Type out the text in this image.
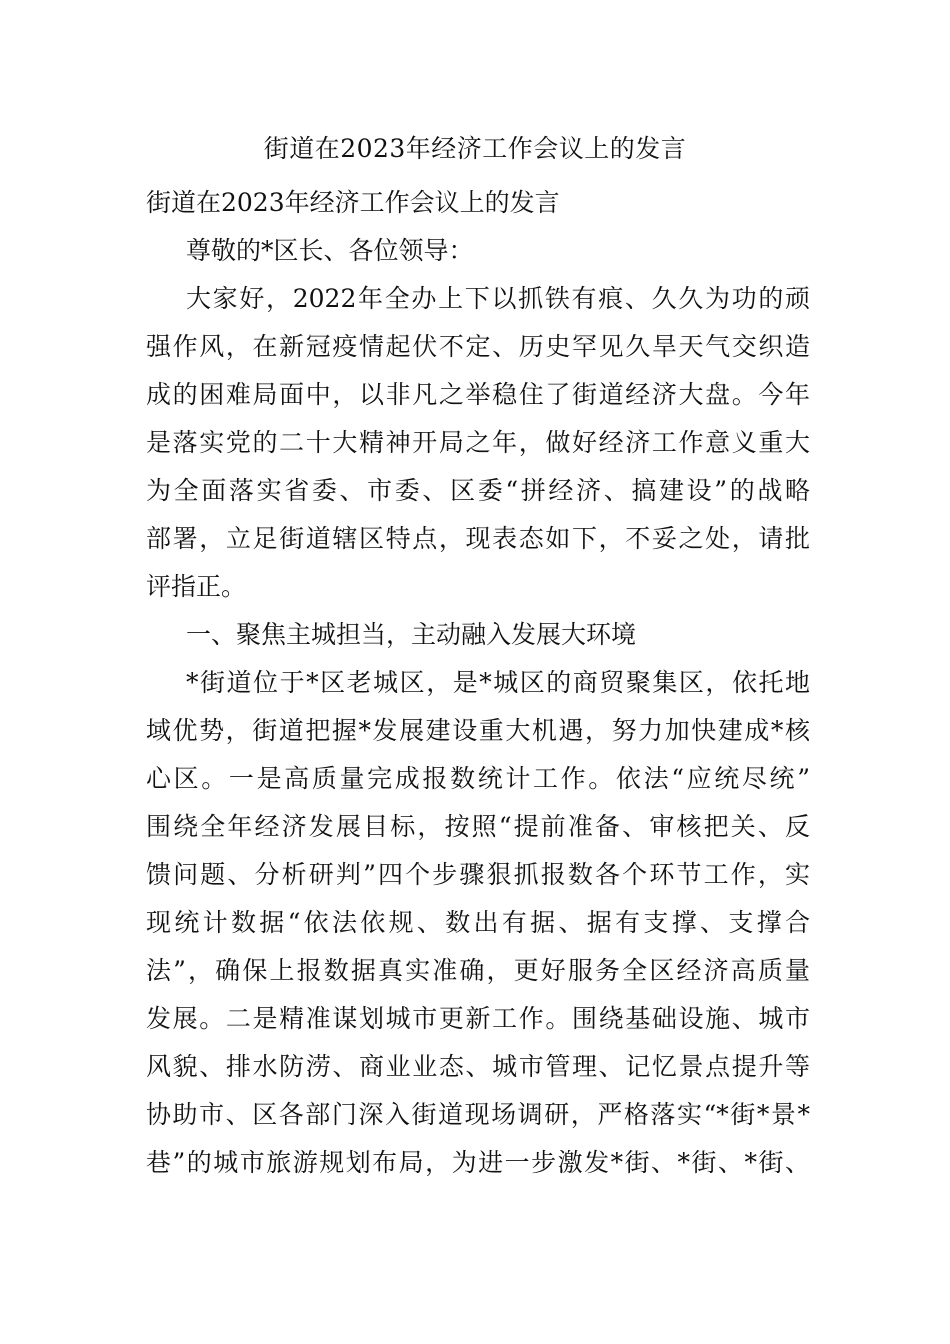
街道在2023年经济工作会议上的发言
街道在2023年经济工作会议上的发言
尊敬的*区长、各位领导：
大家好，2022年全办上下以抓铁有痕、久久为功的顽
强作风，在新冠疫情起伏不定、历史罕见久旱天气交织造
成的困难局面中，以非凡之举稳住了街道经济大盘。今年
是落实党的二十大精神开局之年，做好经济工作意义重大
为全面落实省委、市委、区委“拼经济、搞建设”的战略
部署，立足街道辖区特点，现表态如下，不妥之处，请批
评指正。
一、聚焦主城担当，主动融入发展大环境
*街道位于*区老城区，是*城区的商贸聚集区，依托地
域优势，街道把握*发展建设重大机遇，努力加快建成*核
心区。一是高质量完成报数统计工作。依法“应统尽统”
围绕全年经济发展目标，按照“提前准备、审核把关、反
馈问题、分析研判”四个步骤狠抓报数各个环节工作，实
现统计数据“依法依规、数出有据、据有支撑、支撑合
法”，确保上报数据真实准确，更好服务全区经济高质量
发展。二是精准谋划城市更新工作。围绕基础设施、城市
风貌、排水防涝、商业业态、城市管理、记忆景点提升等
协助市、区各部门深入街道现场调研，严格落实“*街*景*
巷”的城市旅游规划布局，为进一步激发*街、*街、*街、
